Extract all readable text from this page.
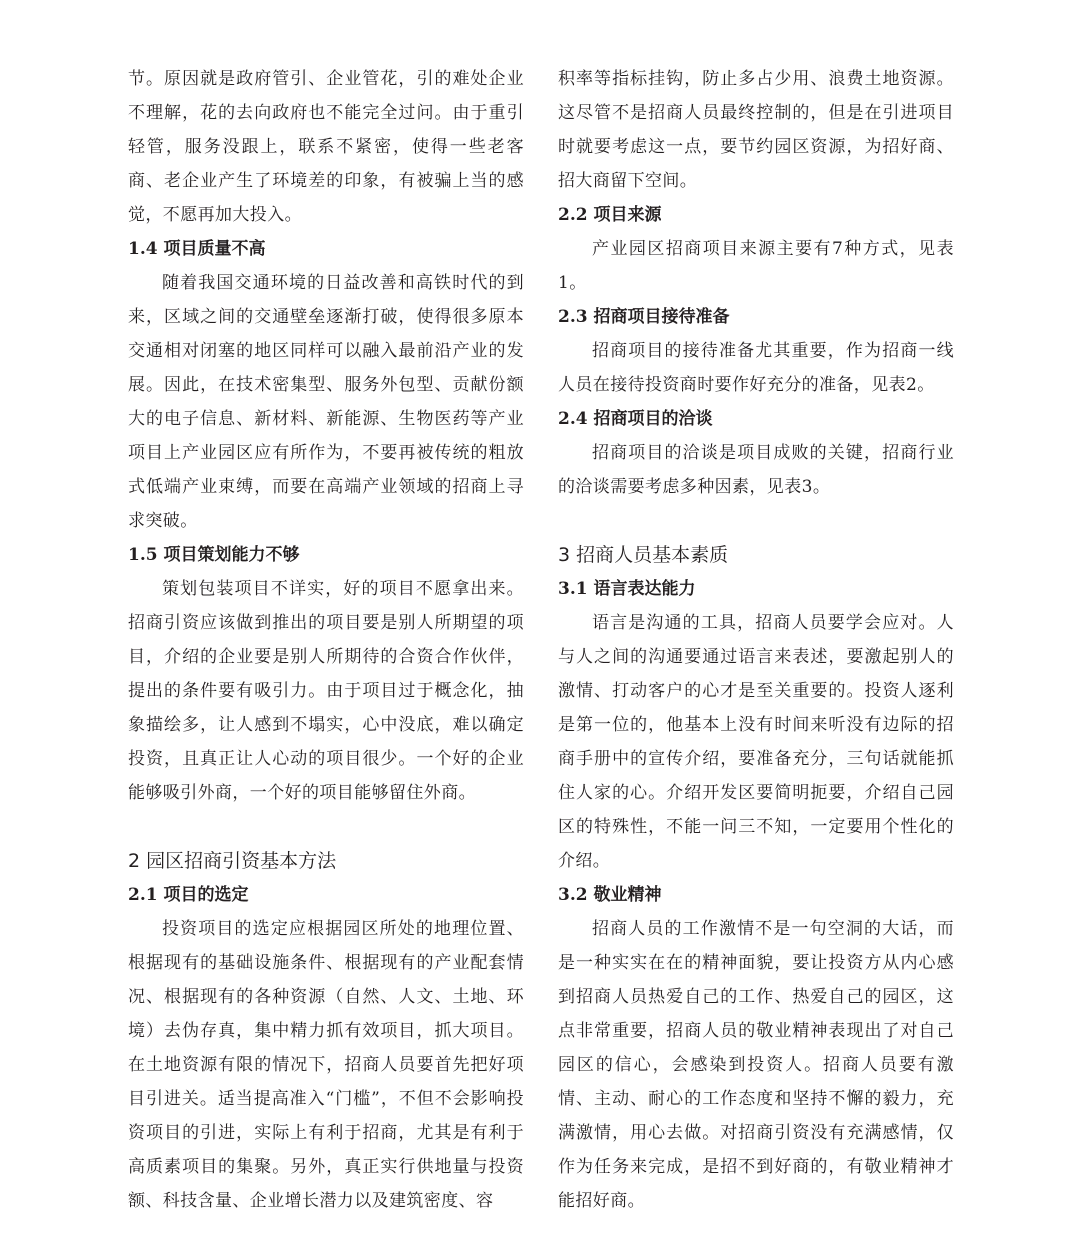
节。原因就是政府管引、企业管花，引的难处企业不理解，花的去向政府也不能完全过问。由于重引轻管，服务没跟上，联系不紧密，使得一些老客商、老企业产生了环境差的印象，有被骗上当的感觉，不愿再加大投入。

1.4 项目质量不高

随着我国交通环境的日益改善和高铁时代的到来，区域之间的交通壁垒逐渐打破，使得很多原本交通相对闭塞的地区同样可以融入最前沿产业的发展。因此，在技术密集型、服务外包型、贡献份额大的电子信息、新材料、新能源、生物医药等产业项目上产业园区应有所作为，不要再被传统的粗放式低端产业束缚，而要在高端产业领域的招商上寻求突破。

1.5 项目策划能力不够

策划包装项目不详实，好的项目不愿拿出来。招商引资应该做到推出的项目要是别人所期望的项目，介绍的企业要是别人所期待的合资合作伙伴，提出的条件要有吸引力。由于项目过于概念化，抽象描绘多，让人感到不塌实，心中没底，难以确定投资，且真正让人心动的项目很少。一个好的企业能够吸引外商，一个好的项目能够留住外商。

2 园区招商引资基本方法
2.1 项目的选定

投资项目的选定应根据园区所处的地理位置、根据现有的基础设施条件、根据现有的产业配套情况、根据现有的各种资源（自然、人文、土地、环境）去伪存真，集中精力抓有效项目，抓大项目。在土地资源有限的情况下，招商人员要首先把好项目引进关。适当提高准入“门槛”，不但不会影响投资项目的引进，实际上有利于招商，尤其是有利于高质素项目的集聚。另外，真正实行供地量与投资额、科技含量、企业增长潜力以及建筑密度、容

积率等指标挂钩，防止多占少用、浪费土地资源。这尽管不是招商人员最终控制的，但是在引进项目时就要考虑这一点，要节约园区资源，为招好商、招大商留下空间。

2.2 项目来源

产业园区招商项目来源主要有7种方式，见表1。

2.3 招商项目接待准备

招商项目的接待准备尤其重要，作为招商一线人员在接待投资商时要作好充分的准备，见表2。

2.4 招商项目的洽谈

招商项目的洽谈是项目成败的关键，招商行业的洽谈需要考虑多种因素，见表3。

3 招商人员基本素质
3.1 语言表达能力

语言是沟通的工具，招商人员要学会应对。人与人之间的沟通要通过语言来表述，要激起别人的激情、打动客户的心才是至关重要的。投资人逐利是第一位的，他基本上没有时间来听没有边际的招商手册中的宣传介绍，要准备充分，三句话就能抓住人家的心。介绍开发区要简明扼要，介绍自己园区的特殊性，不能一问三不知，一定要用个性化的介绍。

3.2 敬业精神

招商人员的工作激情不是一句空洞的大话，而是一种实实在在的精神面貌，要让投资方从内心感到招商人员热爱自己的工作、热爱自己的园区，这点非常重要，招商人员的敬业精神表现出了对自己园区的信心，会感染到投资人。招商人员要有激情、主动、耐心的工作态度和坚持不懈的毅力，充满激情，用心去做。对招商引资没有充满感情，仅作为任务来完成，是招不到好商的，有敬业精神才能招好商。
